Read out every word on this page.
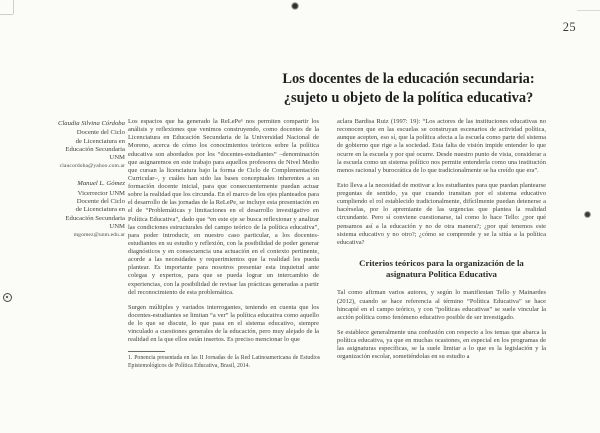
25
Los docentes de la educación secundaria:
¿sujeto u objeto de la política educativa?
Claudia Silvina Córdoba
Docente del Ciclo
de Licenciatura en
Educación Secundaria
UNM
claucordoba@yahoo.com.ar
Manuel L. Gómez
Vicerrector UNM
Docente del Ciclo
de Licenciatura en
Educación Secundaria
UNM
mgomez@unm.edu.ar

Los espacios que ha generado la ReLePe¹ nos permiten compartir los análisis y reflexiones que venimos construyendo, como docentes de la Licenciatura en Educación Secundaria de la Universidad Nacional de Moreno, acerca de cómo los conocimientos teóricos sobre la política educativa son abordados por los “docentes-estudiantes” –denominación que asignaremos en este trabajo para aquellos profesores de Nivel Medio que cursan la licenciatura bajo la forma de Ciclo de Complementación Curricular–, y cuáles han sido las bases conceptuales inherentes a su formación docente inicial, para que consecuentemente puedan actuar sobre la realidad que los circunda. En el marco de los ejes planteados para el desarrollo de las jornadas de la ReLePe, se incluye esta presentación en el de “Problemáticas y limitaciones en el desarrollo investigativo en Política Educativa”, dado que “en este eje se busca reflexionar y analizar las condiciones estructurales del campo teórico de la política educativa”, para poder introducir, en nuestro caso particular, a los docentes-estudiantes en su estudio y reflexión, con la posibilidad de poder generar diagnósticos y en consecuencia una actuación en el contexto pertinente, acorde a las necesidades y requerimientos que la realidad les pueda plantear. Es importante para nosotros presentar esta inquietud ante colegas y expertos, para que se pueda lograr un intercambio de experiencias, con la posibilidad de revisar las prácticas generadas a partir del reconocimiento de esta problemática.

Surgen múltiples y variados interrogantes, teniendo en cuenta que los docentes-estudiantes se limitan “a ver” la política educativa como aquello de lo que se discute, lo que pasa en el sistema educativo, siempre vinculado a cuestiones generales de la educación, pero muy alejado de la realidad en la que ellos están insertos. Es preciso mencionar lo que

aclara Bardisa Ruiz (1997: 19): “Los actores de las instituciones educativas no reconocen que en las escuelas se construyan escenarios de actividad política, aunque acepten, eso sí, que la política afecta a la escuela como parte del sistema de gobierno que rige a la sociedad. Esta falta de visión impide entender lo que ocurre en la escuela y por qué ocurre. Desde nuestro punto de vista, considerar a la escuela como un sistema político nos permite entenderla como una institución menos racional y burocrática de lo que tradicionalmente se ha creído que era”.

Esto lleva a la necesidad de motivar a los estudiantes para que puedan plantearse preguntas de sentido, ya que cuando transitan por el sistema educativo cumpliendo el rol establecido tradicionalmente, difícilmente puedan detenerse a hacérselas, por lo apremiante de las urgencias que plantea la realidad circundante. Pero sí conviene cuestionarse, tal como lo hace Tello: ¿por qué pensamos así a la educación y no de otra manera?; ¿por qué tenemos este sistema educativo y no otro?; ¿cómo se comprende y se la sitúa a la política educativa?

Criterios teóricos para la organización de la asignatura Política Educativa

Tal como afirman varios autores, y según lo manifiestan Tello y Mainardes (2012), cuando se hace referencia al término “Política Educativa” se hace hincapié en el campo teórico, y con “políticas educativas” se suele vincular la acción política como fenómeno educativo posible de ser investigado.

Se establece generalmente una confusión con respecto a los temas que abarca la política educativa, ya que en muchas ocasiones, en especial en los programas de las asignaturas específicas, se la suele limitar a lo que es la legislación y la organización escolar, sometiéndolas en su estudio a

1. Ponencia presentada en las II Jornadas de la Red Latinoamericana de Estudios Epistemológicos de Política Educativa, Brasil, 2014.
